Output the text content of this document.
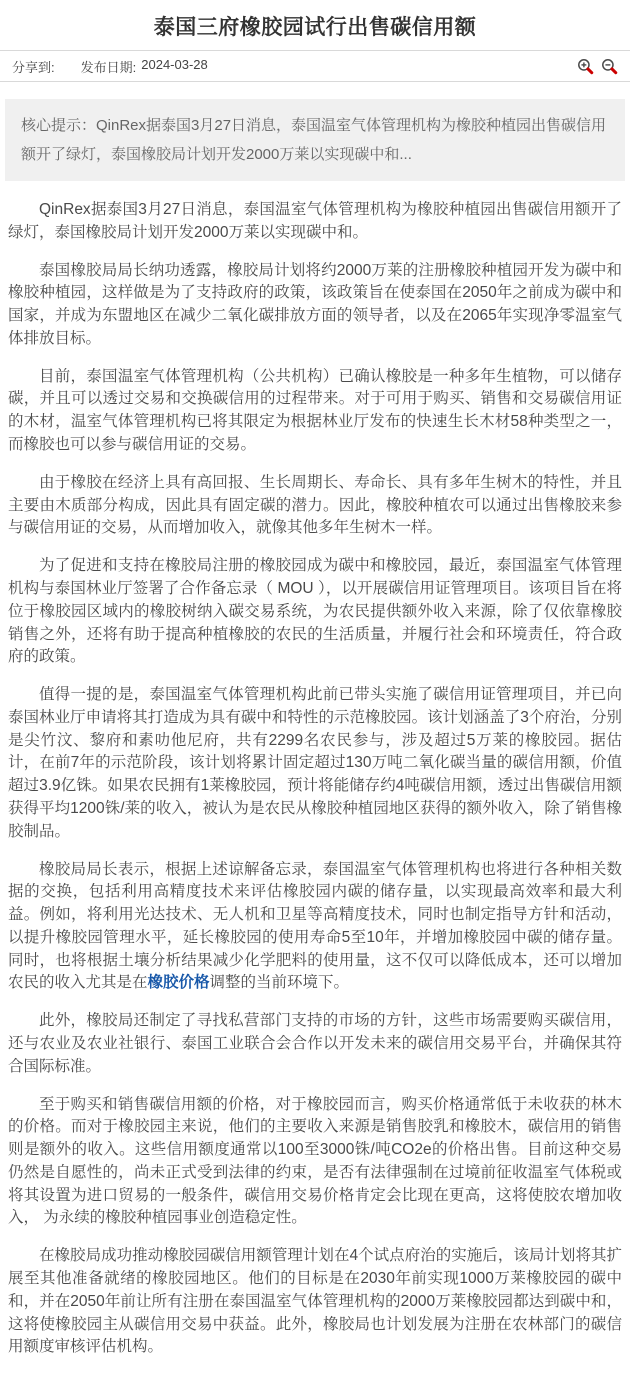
泰国三府橡胶园试行出售碳信用额
分享到: 发布日期: 2024-03-28
核心提示：QinRex据泰国3月27日消息，泰国温室气体管理机构为橡胶种植园出售碳信用额开了绿灯，泰国橡胶局计划开发2000万莱以实现碳中和...

QinRex据泰国3月27日消息，泰国温室气体管理机构为橡胶种植园出售碳信用额开了绿灯，泰国橡胶局计划开发2000万莱以实现碳中和。

泰国橡胶局局长纳功透露，橡胶局计划将约2000万莱的注册橡胶种植园开发为碳中和橡胶种植园，这样做是为了支持政府的政策，该政策旨在使泰国在2050年之前成为碳中和国家，并成为东盟地区在减少二氧化碳排放方面的领导者，以及在2065年实现净零温室气体排放目标。

目前，泰国温室气体管理机构（公共机构）已确认橡胶是一种多年生植物，可以储存碳，并且可以透过交易和交换碳信用的过程带来。对于可用于购买、销售和交易碳信用证的木材，温室气体管理机构已将其限定为根据林业厅发布的快速生长木材58种类型之一，而橡胶也可以参与碳信用证的交易。

由于橡胶在经济上具有高回报、生长周期长、寿命长、具有多年生树木的特性，并且主要由木质部分构成，因此具有固定碳的潜力。因此，橡胶种植农可以通过出售橡胶来参与碳信用证的交易，从而增加收入，就像其他多年生树木一样。

为了促进和支持在橡胶局注册的橡胶园成为碳中和橡胶园，最近，泰国温室气体管理机构与泰国林业厅签署了合作备忘录（ MOU ），以开展碳信用证管理项目。该项目旨在将位于橡胶园区域内的橡胶树纳入碳交易系统，为农民提供额外收入来源，除了仅依靠橡胶销售之外，还将有助于提高种植橡胶的农民的生活质量，并履行社会和环境责任，符合政府的政策。

值得一提的是，泰国温室气体管理机构此前已带头实施了碳信用证管理项目，并已向泰国林业厅申请将其打造成为具有碳中和特性的示范橡胶园。该计划涵盖了3个府治，分别是尖竹汶、黎府和素叻他尼府，共有2299名农民参与，涉及超过5万莱的橡胶园。据估计，在前7年的示范阶段，该计划将累计固定超过130万吨二氧化碳当量的碳信用额，价值超过3.9亿铢。如果农民拥有1莱橡胶园，预计将能储存约4吨碳信用额，透过出售碳信用额获得平均1200铢/莱的收入，被认为是农民从橡胶种植园地区获得的额外收入，除了销售橡胶制品。

橡胶局局长表示，根据上述谅解备忘录，泰国温室气体管理机构也将进行各种相关数据的交换，包括利用高精度技术来评估橡胶园内碳的储存量，以实现最高效率和最大利益。例如，将利用光达技术、无人机和卫星等高精度技术，同时也制定指导方针和活动，以提升橡胶园管理水平，延长橡胶园的使用寿命5至10年，并增加橡胶园中碳的储存量。同时，也将根据土壤分析结果减少化学肥料的使用量，这不仅可以降低成本，还可以增加农民的收入尤其是在橡胶价格调整的当前环境下。

此外，橡胶局还制定了寻找私营部门支持的市场的方针，这些市场需要购买碳信用，还与农业及农业社银行、泰国工业联合会合作以开发未来的碳信用交易平台，并确保其符合国际标准。

至于购买和销售碳信用额的价格，对于橡胶园而言，购买价格通常低于未收获的林木的价格。而对于橡胶园主来说，他们的主要收入来源是销售胶乳和橡胶木，碳信用的销售则是额外的收入。这些信用额度通常以100至3000铢/吨CO2e的价格出售。目前这种交易仍然是自愿性的，尚未正式受到法律的约束，是否有法律强制在过境前征收温室气体税或将其设置为进口贸易的一般条件，碳信用交易价格肯定会比现在更高，这将使胶农增加收入， 为永续的橡胶种植园事业创造稳定性。

在橡胶局成功推动橡胶园碳信用额管理计划在4个试点府治的实施后，该局计划将其扩展至其他准备就绪的橡胶园地区。他们的目标是在2030年前实现1000万莱橡胶园的碳中和，并在2050年前让所有注册在泰国温室气体管理机构的2000万莱橡胶园都达到碳中和，这将使橡胶园主从碳信用交易中获益。此外，橡胶局也计划发展为注册在农林部门的碳信用额度审核评估机构。
